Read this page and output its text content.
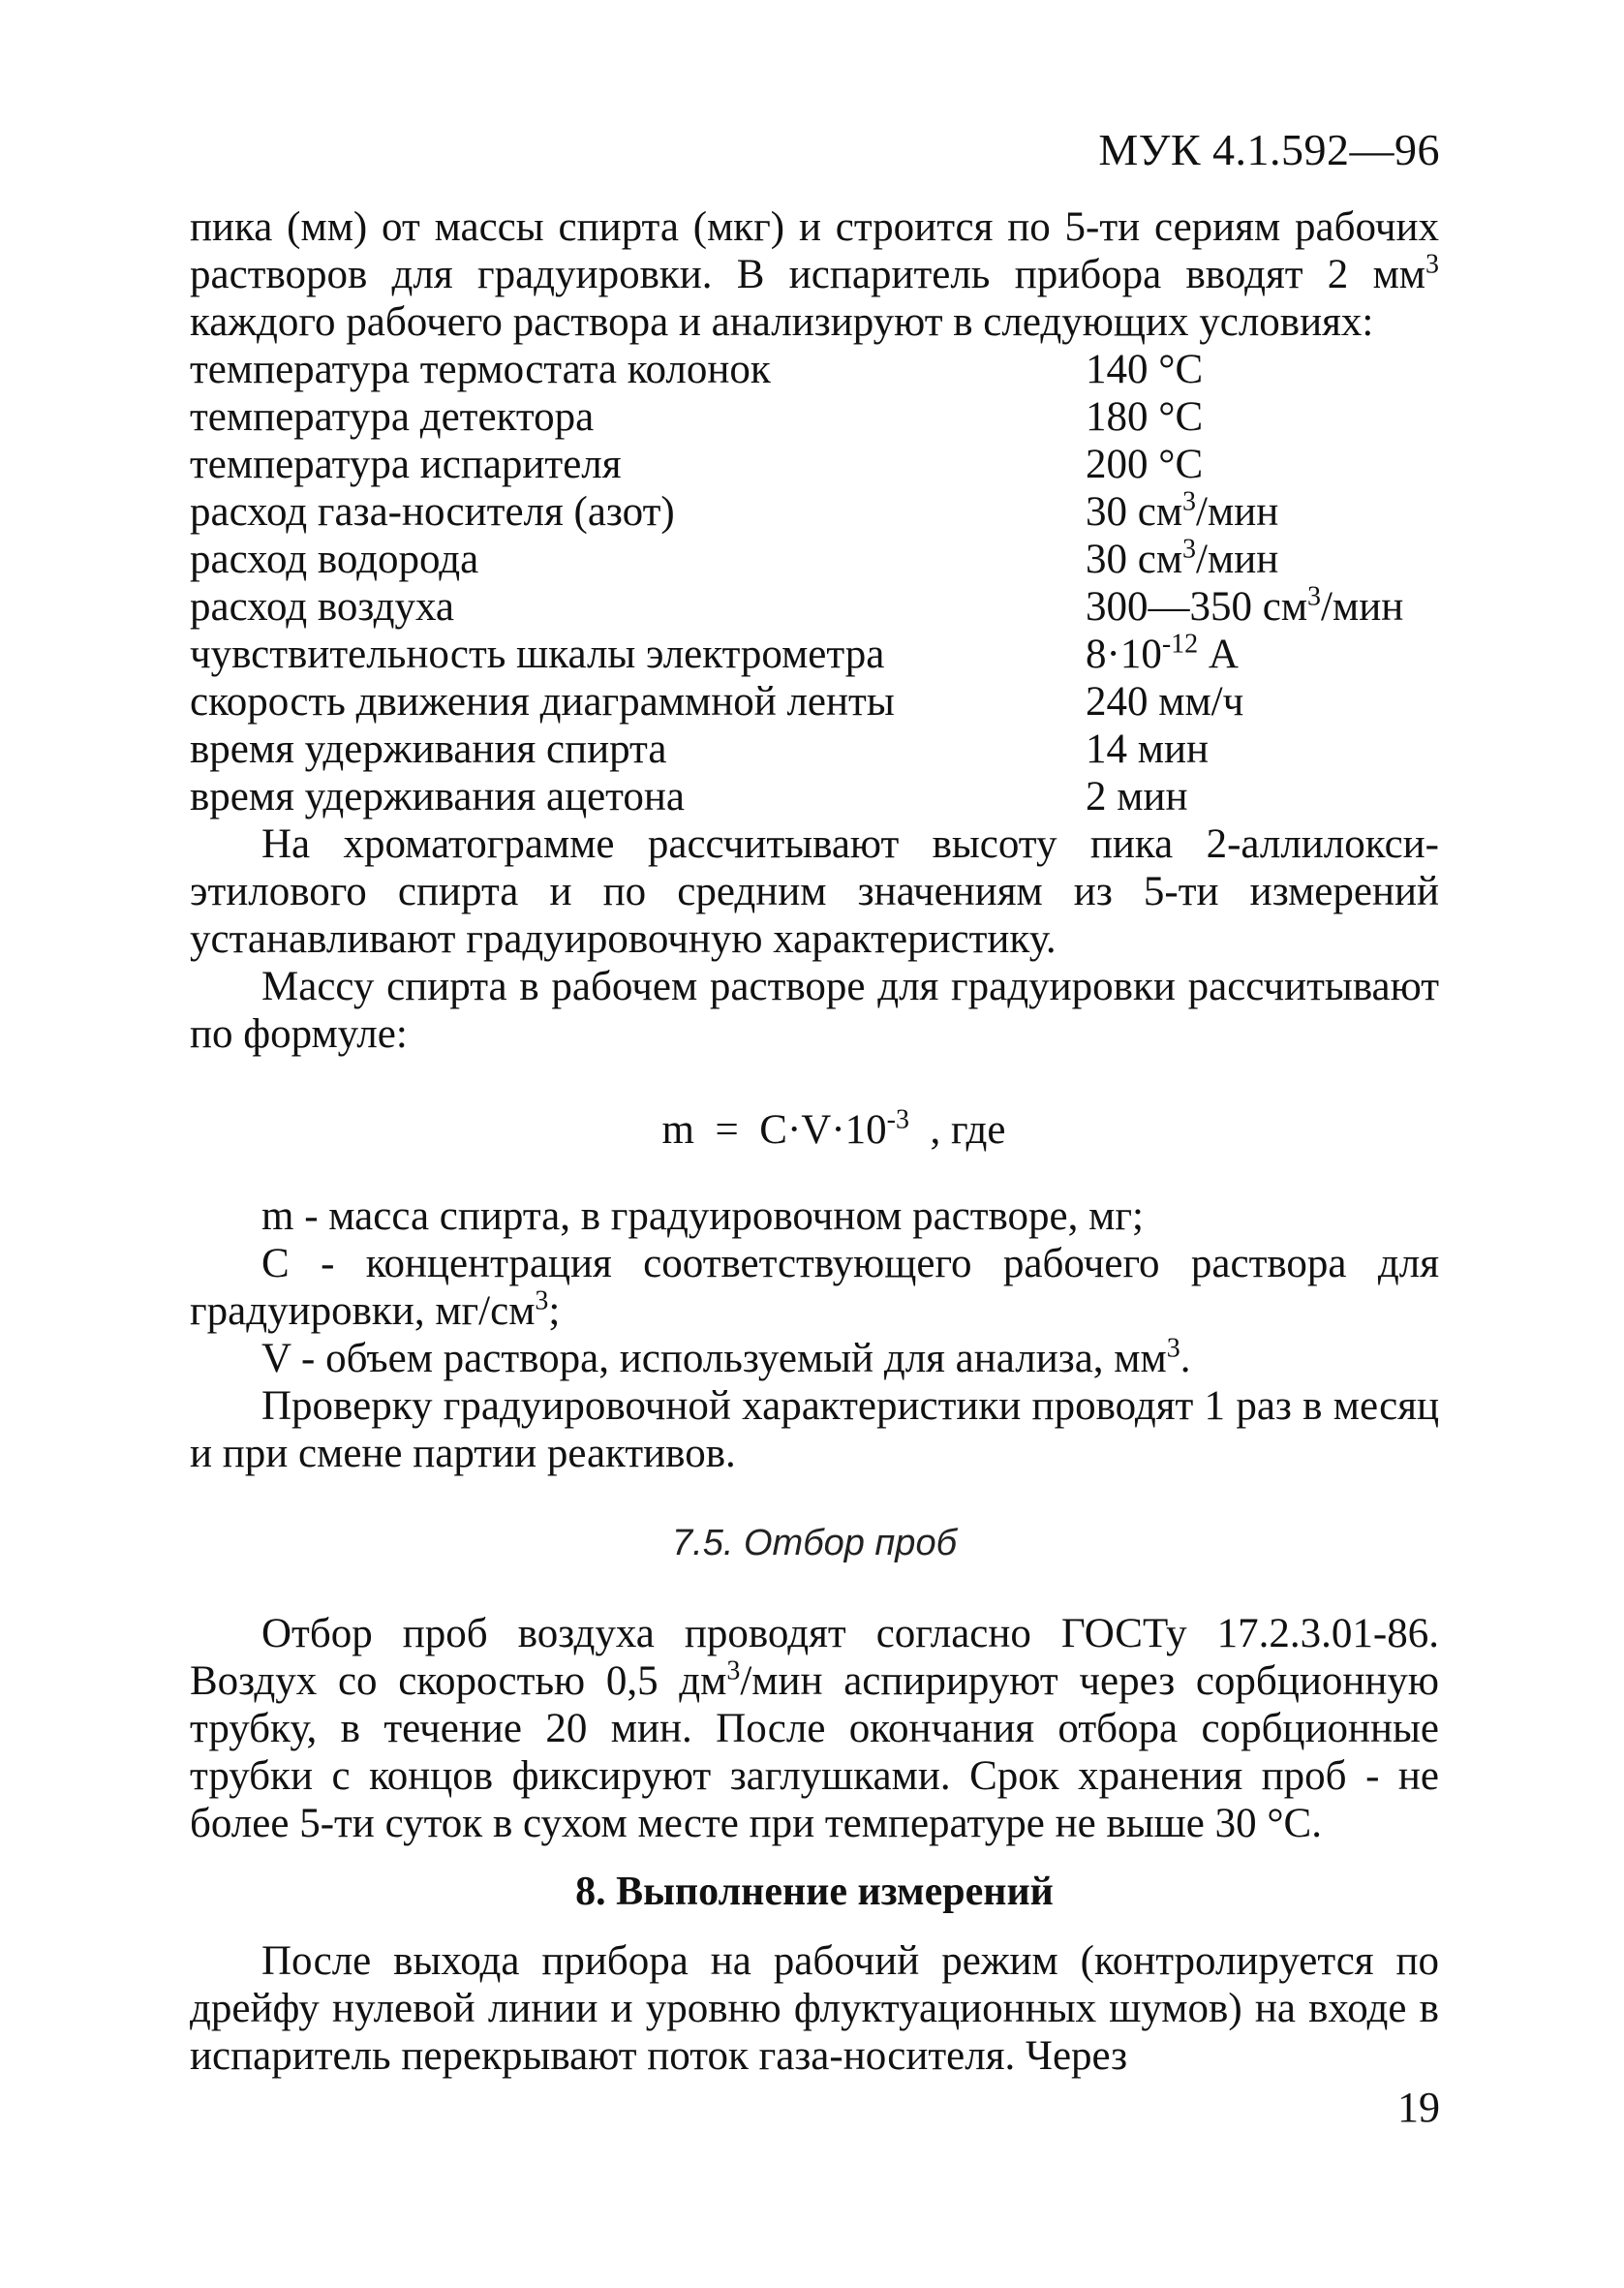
МУК 4.1.592—96

пика (мм) от массы спирта (мкг) и строится по 5-ти сериям рабочих растворов для градуировки. В испаритель прибора вводят 2 $мм^3$ каждого рабочего раствора и анализируют в следующих условиях:

температура термостата колонок	140 °С
температура детектора	180 °С
температура испарителя	200 °С
расход газа-носителя (азот)	30 $см^3$/мин
расход водорода	30 $см^3$/мин
расход воздуха	300—350 $см^3$/мин
чувствительность шкалы электрометра	$8\cdot 10^{-12}$ А
скорость движения диаграммной ленты	240 мм/ч
время удерживания спирта	14 мин
время удерживания ацетона	2 мин

На хроматограмме рассчитывают высоту пика 2-аллилокси-этилового спирта и по средним значениям из 5-ти измерений устанавливают градуировочную характеристику.

Массу спирта в рабочем растворе для градуировки рассчитывают по формуле:

$m = C\cdot V\cdot 10^{-3}$ , где

m - масса спирта, в градуировочном растворе, мг;

С - концентрация соответствующего рабочего раствора для градуировки, $мг/см^3$;

V - объем раствора, используемый для анализа, $мм^3$.

Проверку градуировочной характеристики проводят 1 раз в месяц и при смене партии реактивов.

7.5. Отбор проб

Отбор проб воздуха проводят согласно ГОСТу 17.2.3.01-86. Воздух со скоростью 0,5 $дм^3$/мин аспирируют через сорбционную трубку, в течение 20 мин. После окончания отбора сорбционные трубки с концов фиксируют заглушками. Срок хранения проб - не более 5-ти суток в сухом месте при температуре не выше 30 °С.

8. Выполнение измерений

После выхода прибора на рабочий режим (контролируется по дрейфу нулевой линии и уровню флуктуационных шумов) на входе в испаритель перекрывают поток газа-носителя. Через

19
